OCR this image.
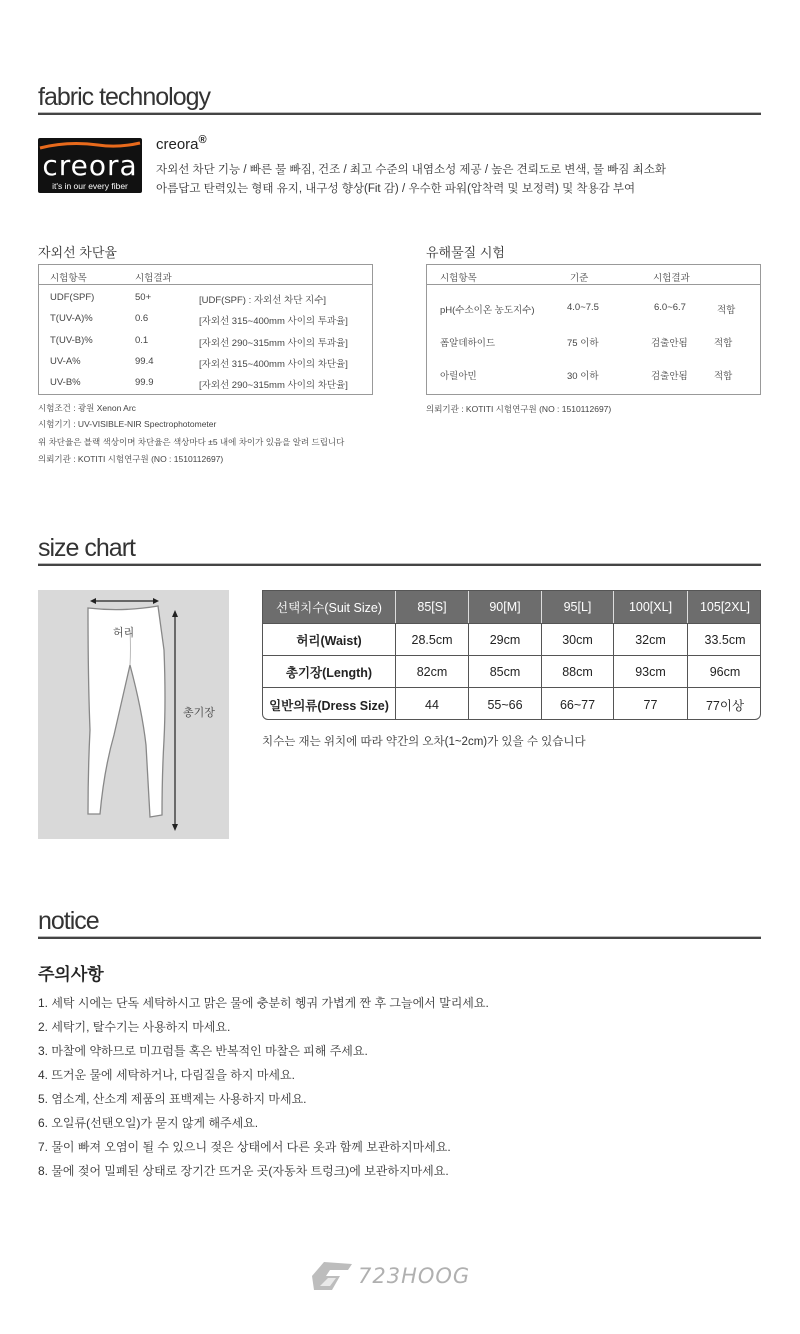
fabric technology
creora
it's in our every fiber
creora®
자외선 차단 기능 / 빠른 물 빠짐, 건조 / 최고 수준의 내염소성 제공 / 높은 견뢰도로 변색, 물 빠짐 최소화
아름답고 탄력있는 형태 유지, 내구성 향상(Fit 감) / 우수한 파워(압착력 및 보정력) 및 착용감 부여
자외선 차단율
시험항목	시험결과
UDF(SPF)	50+	[UDF(SPF) : 자외선 차단 지수]
T(UV-A)%	0.6	[자외선 315~400mm 사이의 투과율]
T(UV-B)%	0.1	[자외선 290~315mm 사이의 투과율]
UV-A%	99.4	[자외선 315~400mm 사이의 차단율]
UV-B%	99.9	[자외선 290~315mm 사이의 차단율]
시험조건 : 광원 Xenon Arc
시험기기 : UV-VISIBLE-NIR Spectrophotometer
위 차단율은 블랙 색상이며 차단율은 색상마다 ±5 내에 차이가 있음을 알려 드립니다
의뢰기관 : KOTITI 시험연구원 (NO : 1510112697)
유해물질 시험
시험항목	기준	시험결과
pH(수소이온 농도지수)	4.0~7.5	6.0~6.7	적합
폼알데하이드	75 이하	검출안됨	적합
아릴아민	30 이하	검출안됨	적합
의뢰기관 : KOTITI 시험연구원 (NO : 1510112697)
size chart
허리
총기장
선택치수(Suit Size)	85[S]	90[M]	95[L]	100[XL]	105[2XL]
허리(Waist)	28.5cm	29cm	30cm	32cm	33.5cm
총기장(Length)	82cm	85cm	88cm	93cm	96cm
일반의류(Dress Size)	44	55~66	66~77	77	77이상
치수는 재는 위치에 따라 약간의 오차(1~2cm)가 있을 수 있습니다
notice
주의사항
1. 세탁 시에는 단독 세탁하시고 맑은 물에 충분히 헹궈 가볍게 짠 후 그늘에서 말리세요.
2. 세탁기, 탈수기는 사용하지 마세요.
3. 마찰에 약하므로 미끄럼틀 혹은 반복적인 마찰은 피해 주세요.
4. 뜨거운 물에 세탁하거나, 다림질을 하지 마세요.
5. 염소계, 산소계 제품의 표백제는 사용하지 마세요.
6. 오일류(선탠오일)가 묻지 않게 해주세요.
7. 물이 빠져 오염이 될 수 있으니 젖은 상태에서 다른 옷과 함께 보관하지마세요.
8. 물에 젖어 밀폐된 상태로 장기간 뜨거운 곳(자동차 트렁크)에 보관하지마세요.
723HOOG
